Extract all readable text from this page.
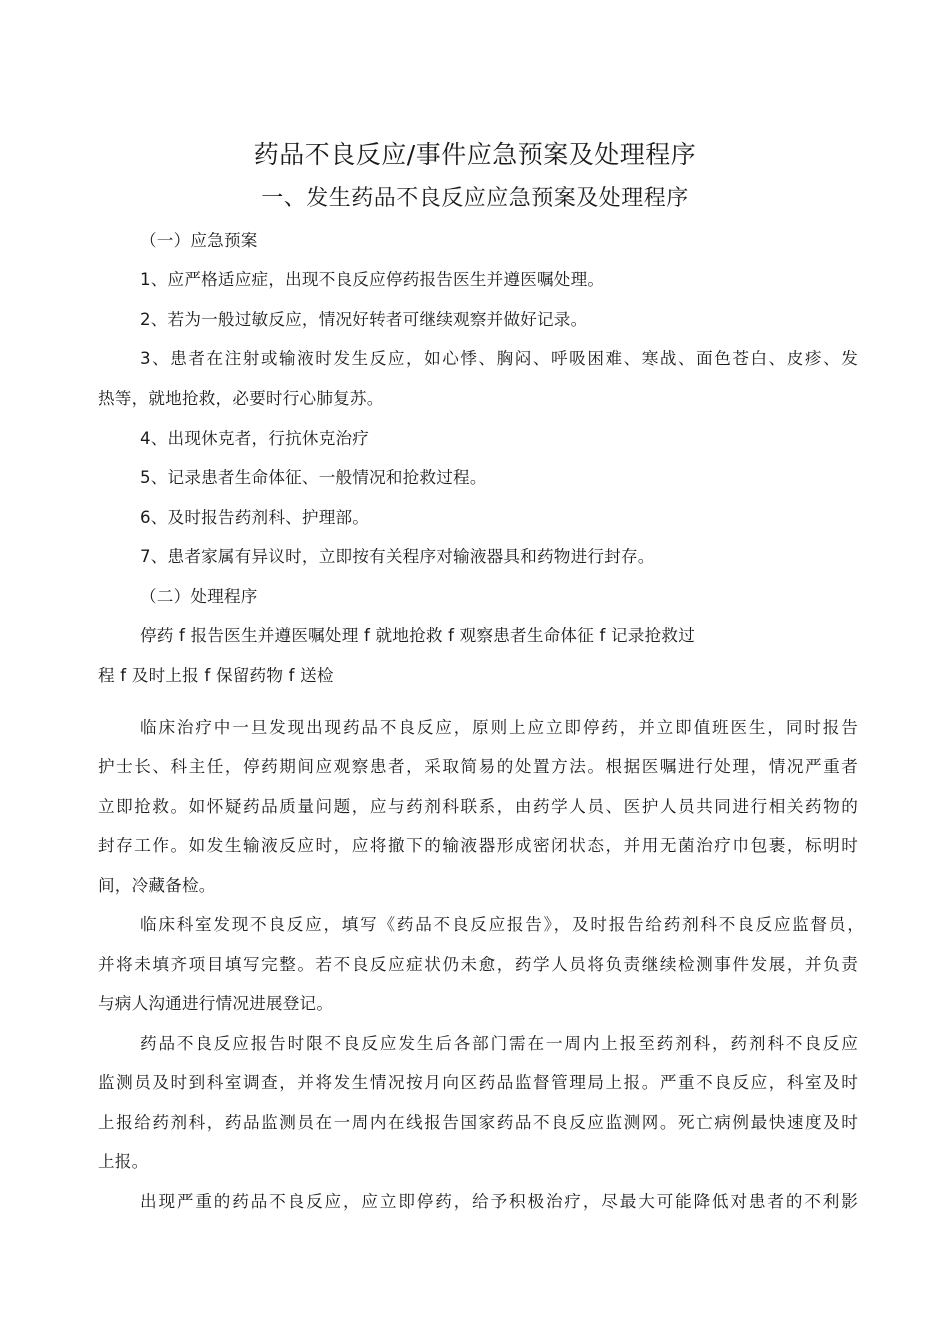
药品不良反应/事件应急预案及处理程序
一、发生药品不良反应应急预案及处理程序
（一）应急预案
1、应严格适应症，出现不良反应停药报告医生并遵医嘱处理。
2、若为一般过敏反应，情况好转者可继续观察并做好记录。
3、患者在注射或输液时发生反应，如心悸、胸闷、呼吸困难、寒战、面色苍白、皮疹、发
热等，就地抢救，必要时行心肺复苏。
4、出现休克者，行抗休克治疗
5、记录患者生命体征、一般情况和抢救过程。
6、及时报告药剂科、护理部。
7、患者家属有异议时，立即按有关程序对输液器具和药物进行封存。
（二）处理程序
停药 f 报告医生并遵医嘱处理 f 就地抢救 f 观察患者生命体征 f 记录抢救过
程 f 及时上报 f 保留药物 f 送检
临床治疗中一旦发现出现药品不良反应，原则上应立即停药，并立即值班医生，同时报告
护士长、科主任，停药期间应观察患者，采取简易的处置方法。根据医嘱进行处理，情况严重者
立即抢救。如怀疑药品质量问题，应与药剂科联系，由药学人员、医护人员共同进行相关药物的
封存工作。如发生输液反应时，应将撤下的输液器形成密闭状态，并用无菌治疗巾包裹，标明时
间，冷藏备检。
临床科室发现不良反应，填写《药品不良反应报告》，及时报告给药剂科不良反应监督员，
并将未填齐项目填写完整。若不良反应症状仍未愈，药学人员将负责继续检测事件发展，并负责
与病人沟通进行情况进展登记。
药品不良反应报告时限不良反应发生后各部门需在一周内上报至药剂科，药剂科不良反应
监测员及时到科室调查，并将发生情况按月向区药品监督管理局上报。严重不良反应，科室及时
上报给药剂科，药品监测员在一周内在线报告国家药品不良反应监测网。死亡病例最快速度及时
上报。
出现严重的药品不良反应，应立即停药，给予积极治疗，尽最大可能降低对患者的不利影
